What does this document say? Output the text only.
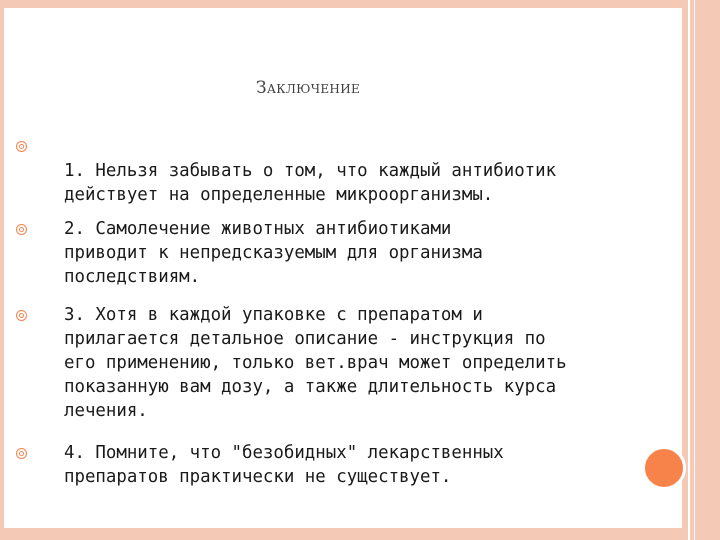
Заключение
1. Нельзя забывать о том, что каждый антибиотик
действует на определенные микроорганизмы.
2. Самолечение животных антибиотиками
приводит к непредсказуемым для организма
последствиям.
3. Хотя в каждой упаковке с препаратом и
прилагается детальное описание - инструкция по
его применению, только вет.врач может определить
показанную вам дозу, а также длительность курса
лечения.
4. Помните, что "безобидных" лекарственных
препаратов практически не существует.
